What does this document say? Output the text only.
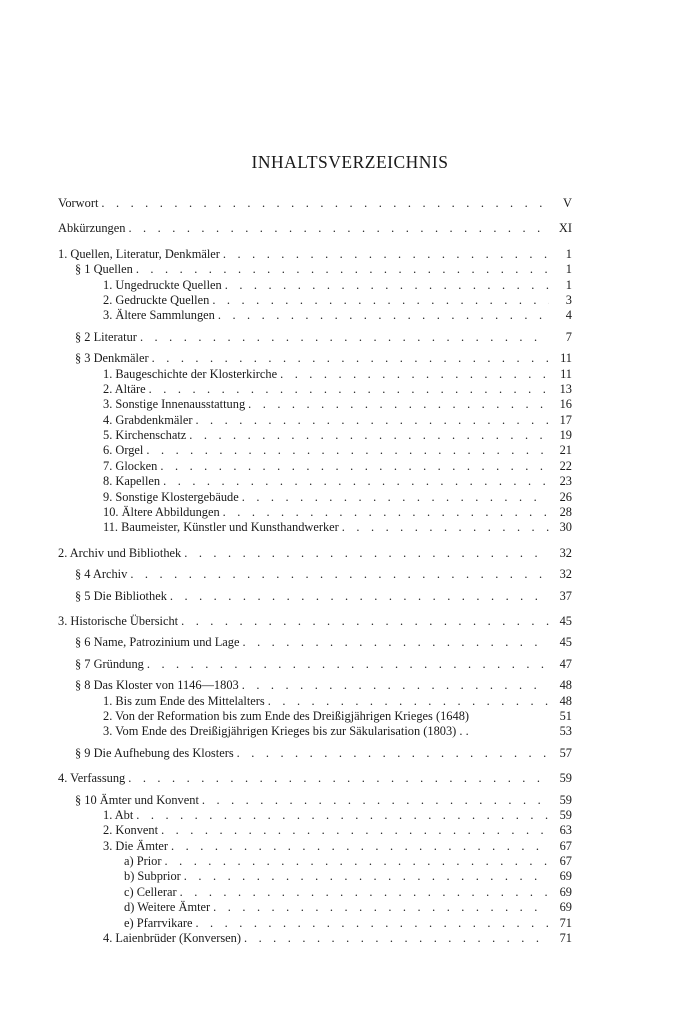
INHALTSVERZEICHNIS
Vorwort . . .	V
Abkürzungen . . .	XI
1. Quellen, Literatur, Denkmäler . . .	1
§ 1 Quellen . . .	1
1. Ungedruckte Quellen . . .	1
2. Gedruckte Quellen . . .	3
3. Ältere Sammlungen . . .	4
§ 2 Literatur . . .	7
§ 3 Denkmäler . . .	11
1. Baugeschichte der Klosterkirche . . .	11
2. Altäre . . .	13
3. Sonstige Innenausstattung . . .	16
4. Grabdenkmäler . . .	17
5. Kirchenschatz . . .	19
6. Orgel . . .	21
7. Glocken . . .	22
8. Kapellen . . .	23
9. Sonstige Klostergebäude . . .	26
10. Ältere Abbildungen . . .	28
11. Baumeister, Künstler und Kunsthandwerker . . .	30
2. Archiv und Bibliothek . . .	32
§ 4 Archiv . . .	32
§ 5 Die Bibliothek . . .	37
3. Historische Übersicht . . .	45
§ 6 Name, Patrozinium und Lage . . .	45
§ 7 Gründung . . .	47
§ 8 Das Kloster von 1146—1803 . . .	48
1. Bis zum Ende des Mittelalters . . .	48
2. Von der Reformation bis zum Ende des Dreißigjährigen Krieges (1648)	51
3. Vom Ende des Dreißigjährigen Krieges bis zur Säkularisation (1803) . .	53
§ 9 Die Aufhebung des Klosters . . .	57
4. Verfassung . . .	59
§ 10 Ämter und Konvent . . .	59
1. Abt . . .	59
2. Konvent . . .	63
3. Die Ämter . . .	67
a) Prior . . .	67
b) Subprior . . .	69
c) Cellerar . . .	69
d) Weitere Ämter . . .	69
e) Pfarrvikare . . .	71
4. Laienbrüder (Konversen) . . .	71
